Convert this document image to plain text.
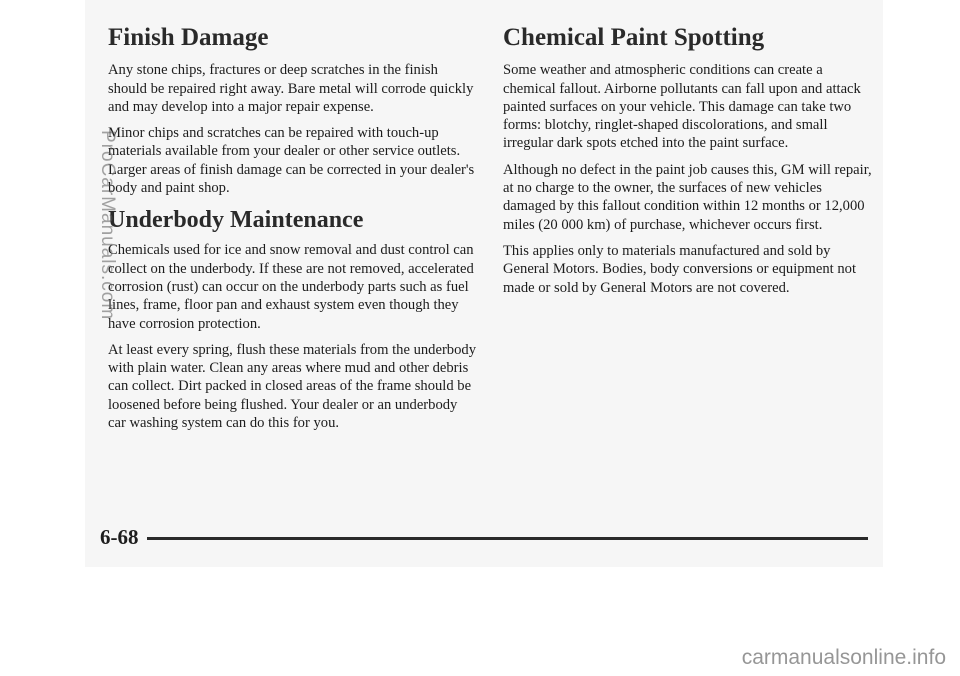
Finish Damage

Any stone chips, fractures or deep scratches in the finish should be repaired right away. Bare metal will corrode quickly and may develop into a major repair expense.

Minor chips and scratches can be repaired with touch-up materials available from your dealer or other service outlets. Larger areas of finish damage can be corrected in your dealer's body and paint shop.

Underbody Maintenance

Chemicals used for ice and snow removal and dust control can collect on the underbody. If these are not removed, accelerated corrosion (rust) can occur on the underbody parts such as fuel lines, frame, floor pan and exhaust system even though they have corrosion protection.

At least every spring, flush these materials from the underbody with plain water. Clean any areas where mud and other debris can collect. Dirt packed in closed areas of the frame should be loosened before being flushed. Your dealer or an underbody car washing system can do this for you.

Chemical Paint Spotting

Some weather and atmospheric conditions can create a chemical fallout. Airborne pollutants can fall upon and attack painted surfaces on your vehicle. This damage can take two forms: blotchy, ringlet-shaped discolorations, and small irregular dark spots etched into the paint surface.

Although no defect in the paint job causes this, GM will repair, at no charge to the owner, the surfaces of new vehicles damaged by this fallout condition within 12 months or 12,000 miles (20 000 km) of purchase, whichever occurs first.

This applies only to materials manufactured and sold by General Motors. Bodies, body conversions or equipment not made or sold by General Motors are not covered.

6-68
ProCarManuals.com
carmanualsonline.info
